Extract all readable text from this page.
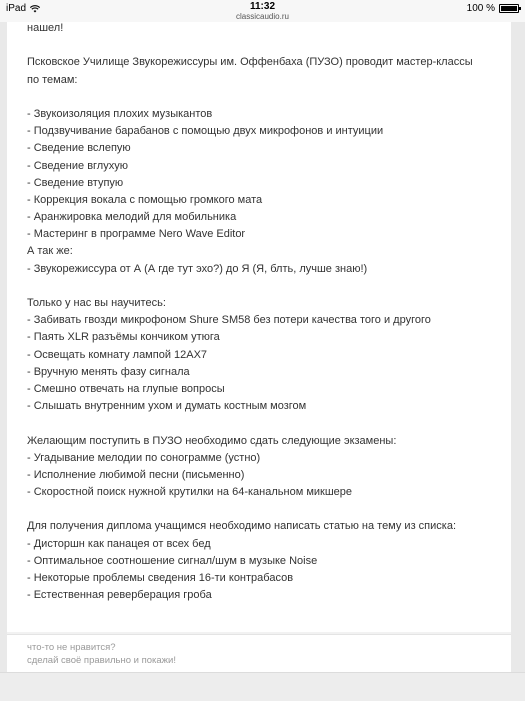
iPad	11:32
classicaudio.ru
100 %
нашел!
Псковское Училище Звукорежиссуры им. Оффенбаха (ПУЗО) проводит мастер-классы
по темам:
- Звукоизоляция плохих музыкантов
- Подзвучивание барабанов с помощью двух микрофонов и интуиции
- Сведение вслепую
- Сведение вглухую
- Сведение втупую
- Коррекция вокала с помощью громкого мата
- Аранжировка мелодий для мобильника
- Мастеринг в программе Nero Wave Editor
А так же:
- Звукорежиссура от А (А где тут эхо?) до Я (Я, блть, лучше знаю!)
Только у нас вы научитесь:
- Забивать гвозди микрофоном Shure SM58 без потери качества того и другого
- Паять XLR разъёмы кончиком утюга
- Освещать комнату лампой 12AX7
- Вручную менять фазу сигнала
- Смешно отвечать на глупые вопросы
- Слышать внутренним ухом и думать костным мозгом
Желающим поступить в ПУЗО необходимо сдать следующие экзамены:
- Угадывание мелодии по сонограмме (устно)
- Исполнение любимой песни (письменно)
- Скоростной поиск нужной крутилки на 64-канальном микшере
Для получения диплома учащимся необходимо написать статью на тему из списка:
- Дисторшн как панацея от всех бед
- Оптимальное соотношение сигнал/шум в музыке Noise
- Некоторые проблемы сведения 16-ти контрабасов
- Естественная реверберация гроба
что-то не нравится?
сделай своё правильно и покажи!
